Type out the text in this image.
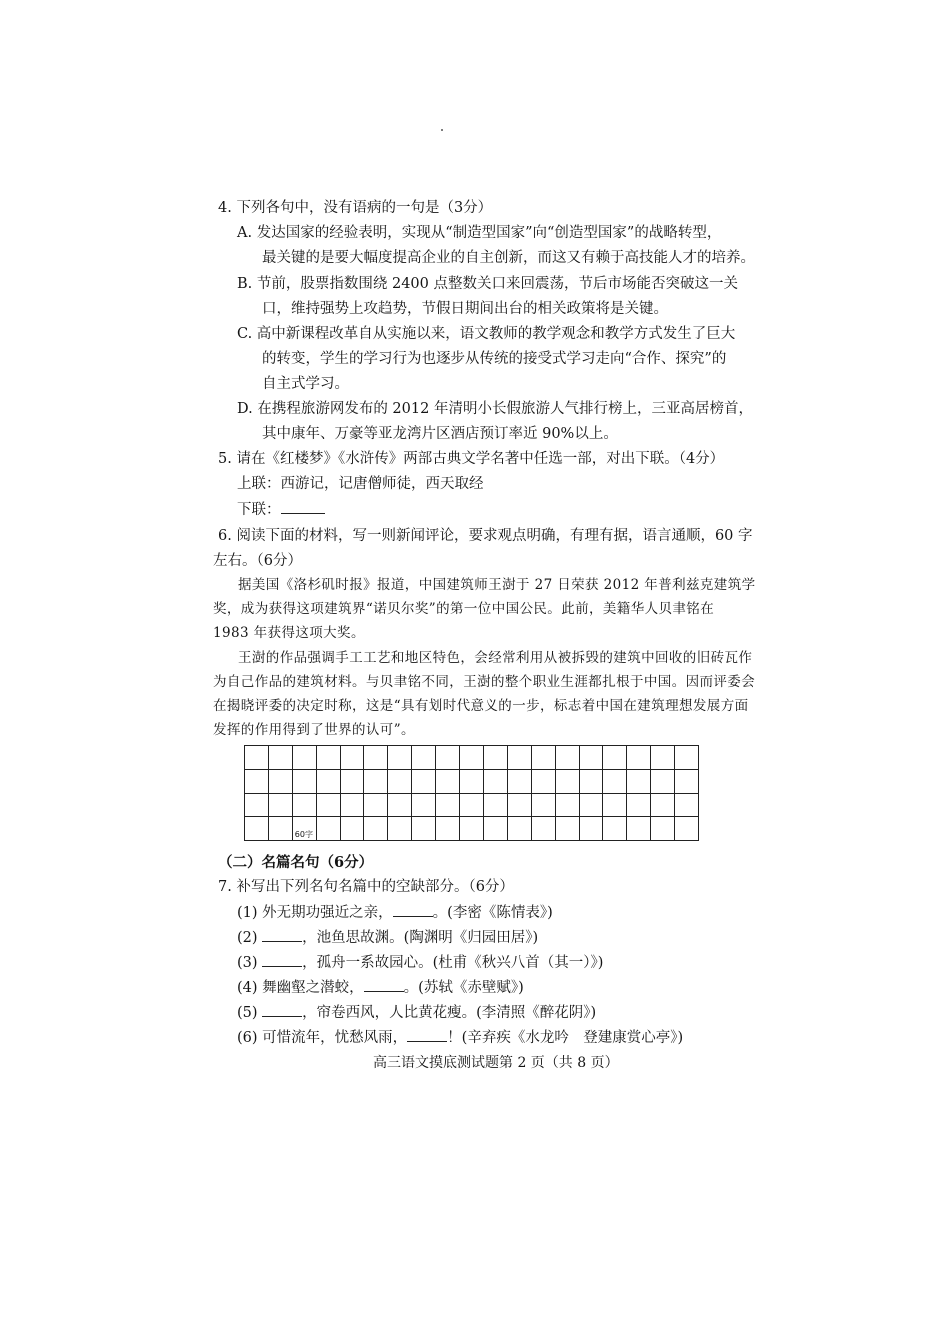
4. 下列各句中，没有语病的一句是（3分）
A. 发达国家的经验表明，实现从“制造型国家”向“创造型国家”的战略转型，
最关键的是要大幅度提高企业的自主创新，而这又有赖于高技能人才的培养。
B. 节前，股票指数围绕 2400 点整数关口来回震荡，节后市场能否突破这一关
口，维持强势上攻趋势，节假日期间出台的相关政策将是关键。
C. 高中新课程改革自从实施以来，语文教师的教学观念和教学方式发生了巨大
的转变，学生的学习行为也逐步从传统的接受式学习走向“合作、探究”的
自主式学习。
D. 在携程旅游网发布的 2012 年清明小长假旅游人气排行榜上，三亚高居榜首，
其中康年、万豪等亚龙湾片区酒店预订率近 90%以上。
5. 请在《红楼梦》《水浒传》两部古典文学名著中任选一部，对出下联。（4分）
上联：西游记，记唐僧师徒，西天取经
下联：
6. 阅读下面的材料，写一则新闻评论，要求观点明确，有理有据，语言通顺，60 字
左右。（6分）
据美国《洛杉矶时报》报道，中国建筑师王澍于 27 日荣获 2012 年普利兹克建筑学
奖，成为获得这项建筑界“诺贝尔奖”的第一位中国公民。此前，美籍华人贝聿铭在
1983 年获得这项大奖。
王澍的作品强调手工工艺和地区特色，会经常利用从被拆毁的建筑中回收的旧砖瓦作
为自己作品的建筑材料。与贝聿铭不同，王澍的整个职业生涯都扎根于中国。因而评委会
在揭晓评委的决定时称，这是“具有划时代意义的一步，标志着中国在建筑理想发展方面
发挥的作用得到了世界的认可”。
60字
（二）名篇名句（6分）
7. 补写出下列名句名篇中的空缺部分。（6分）
(1) 外无期功强近之亲，	。(李密《陈情表》)
(2)	，池鱼思故渊。(陶渊明《归园田居》)
(3)	，孤舟一系故园心。(杜甫《秋兴八首（其一）》)
(4) 舞幽壑之潜蛟，	。(苏轼《赤壁赋》)
(5)	，帘卷西风，人比黄花瘦。(李清照《醉花阴》)
(6) 可惜流年，忧愁风雨，	！(辛弃疾《水龙吟　登建康赏心亭》)
高三语文摸底测试题第 2 页（共 8 页）
